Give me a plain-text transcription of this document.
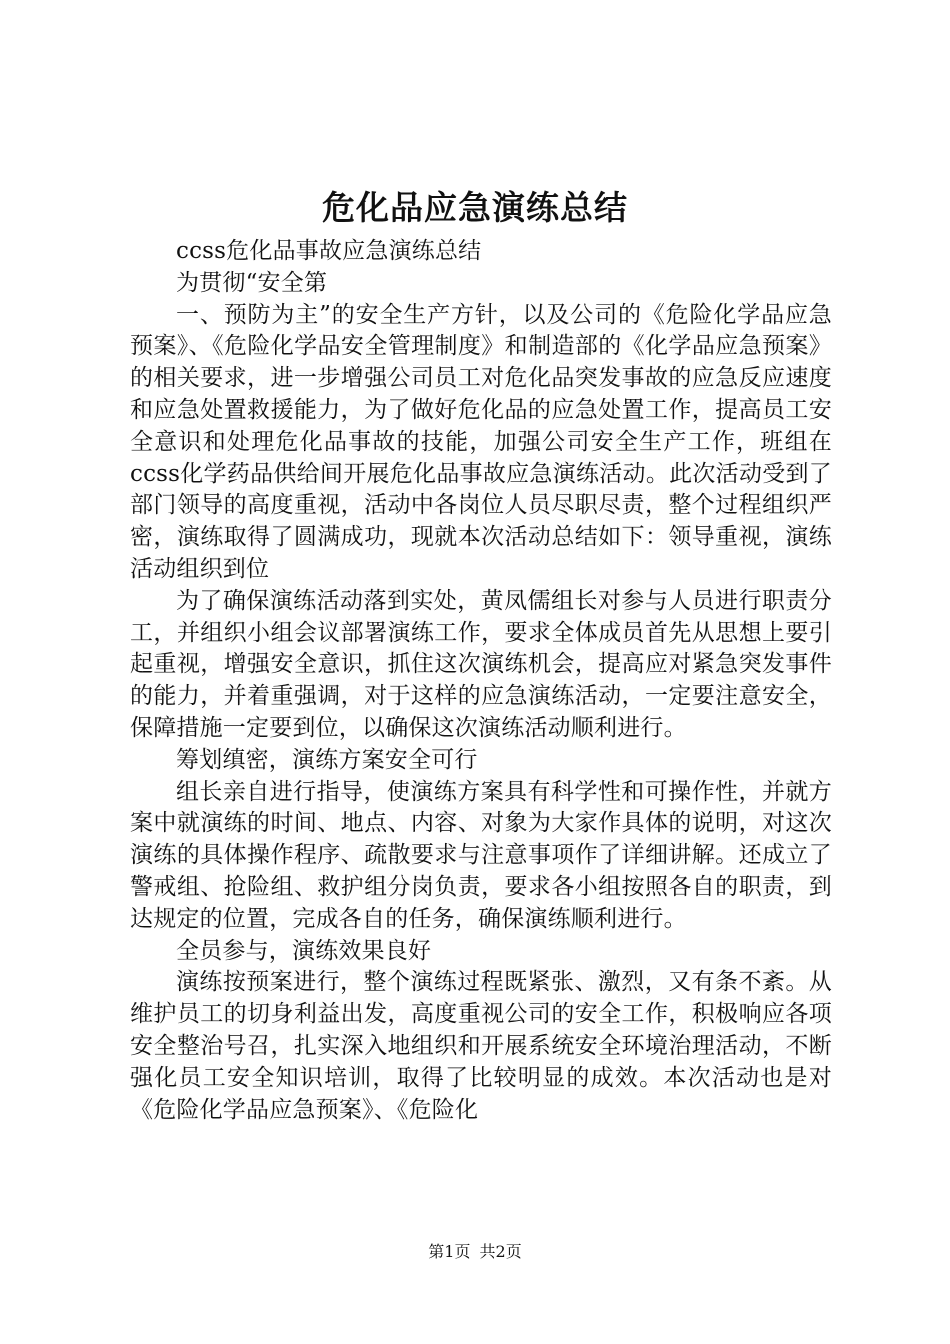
危化品应急演练总结

ccss危化品事故应急演练总结

为贯彻“安全第

一、预防为主”的安全生产方针，以及公司的《危险化学品应急预案》、《危险化学品安全管理制度》和制造部的《化学品应急预案》的相关要求，进一步增强公司员工对危化品突发事故的应急反应速度和应急处置救援能力，为了做好危化品的应急处置工作，提高员工安全意识和处理危化品事故的技能，加强公司安全生产工作，班组在ccss化学药品供给间开展危化品事故应急演练活动。此次活动受到了部门领导的高度重视，活动中各岗位人员尽职尽责，整个过程组织严密，演练取得了圆满成功，现就本次活动总结如下：领导重视，演练活动组织到位

为了确保演练活动落到实处，黄凤儒组长对参与人员进行职责分工，并组织小组会议部署演练工作，要求全体成员首先从思想上要引起重视，增强安全意识，抓住这次演练机会，提高应对紧急突发事件的能力，并着重强调，对于这样的应急演练活动，一定要注意安全，保障措施一定要到位，以确保这次演练活动顺利进行。

筹划缜密，演练方案安全可行

组长亲自进行指导，使演练方案具有科学性和可操作性，并就方案中就演练的时间、地点、内容、对象为大家作具体的说明，对这次演练的具体操作程序、疏散要求与注意事项作了详细讲解。还成立了警戒组、抢险组、救护组分岗负责，要求各小组按照各自的职责，到达规定的位置，完成各自的任务，确保演练顺利进行。

全员参与，演练效果良好

演练按预案进行，整个演练过程既紧张、激烈，又有条不紊。从维护员工的切身利益出发，高度重视公司的安全工作，积极响应各项安全整治号召，扎实深入地组织和开展系统安全环境治理活动，不断强化员工安全知识培训，取得了比较明显的成效。本次活动也是对《危险化学品应急预案》、《危险化

第1页 共2页
